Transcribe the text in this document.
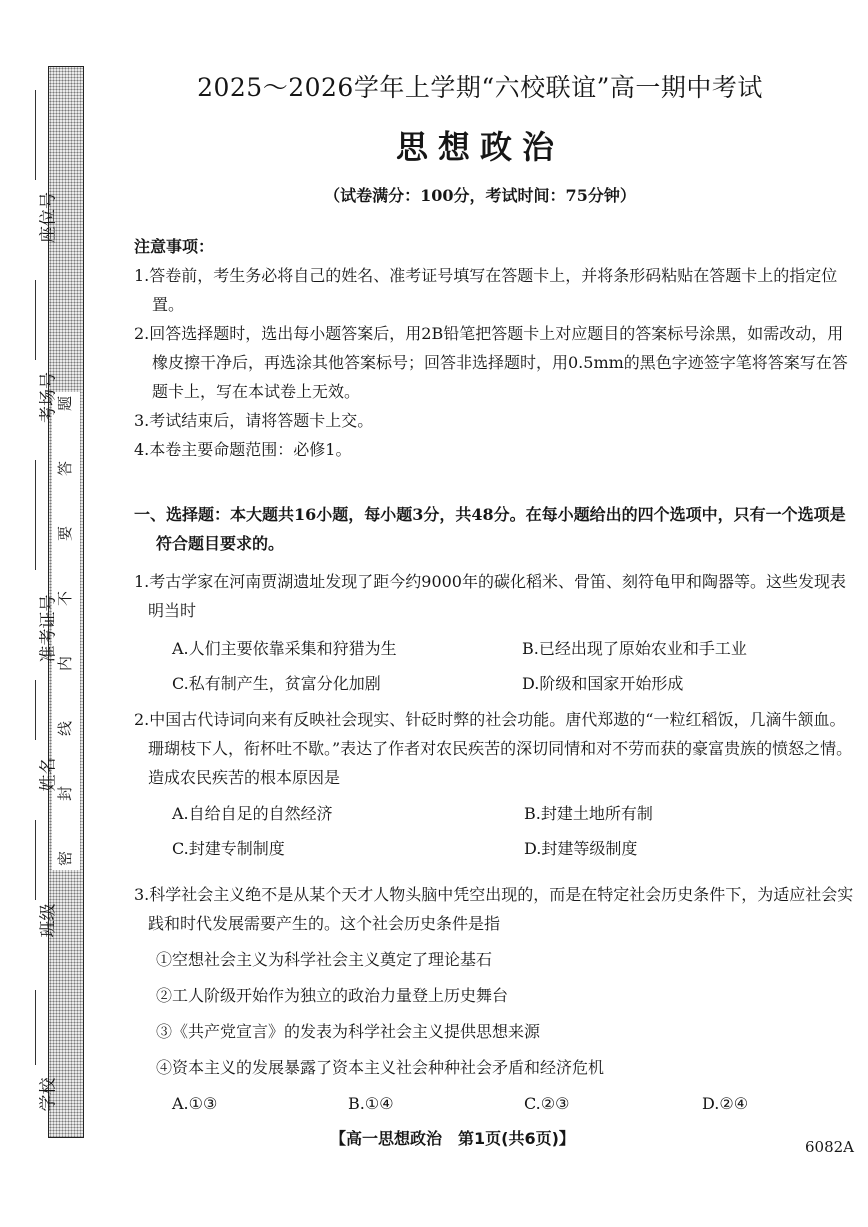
题
答
要
不
内
线
封
密
座位号
考场号
准考证号
姓名
班级
学校
2025～2026学年上学期“六校联谊”高一期中考试
思想政治
（试卷满分：100分，考试时间：75分钟）

注意事项：

1.答卷前，考生务必将自己的姓名、准考证号填写在答题卡上，并将条形码粘贴在答题卡上的指定位置。

2.回答选择题时，选出每小题答案后，用2B铅笔把答题卡上对应题目的答案标号涂黑，如需改动，用橡皮擦干净后，再选涂其他答案标号；回答非选择题时，用0.5mm的黑色字迹签字笔将答案写在答题卡上，写在本试卷上无效。

3.考试结束后，请将答题卡上交。

4.本卷主要命题范围：必修1。

一、选择题：本大题共16小题，每小题3分，共48分。在每小题给出的四个选项中，只有一个选项是符合题目要求的。

1.考古学家在河南贾湖遗址发现了距今约9000年的碳化稻米、骨笛、刻符龟甲和陶器等。这些发现表明当时

A.人们主要依靠采集和狩猎为生	B.已经出现了原始农业和手工业
C.私有制产生，贫富分化加剧	D.阶级和国家开始形成

2.中国古代诗词向来有反映社会现实、针砭时弊的社会功能。唐代郑遨的“一粒红稻饭，几滴牛颔血。珊瑚枝下人，衔杯吐不歇。”表达了作者对农民疾苦的深切同情和对不劳而获的豪富贵族的愤怒之情。造成农民疾苦的根本原因是

A.自给自足的自然经济	B.封建土地所有制
C.封建专制制度	D.封建等级制度

3.科学社会主义绝不是从某个天才人物头脑中凭空出现的，而是在特定社会历史条件下，为适应社会实践和时代发展需要产生的。这个社会历史条件是指

①空想社会主义为科学社会主义奠定了理论基石

②工人阶级开始作为独立的政治力量登上历史舞台

③《共产党宣言》的发表为科学社会主义提供思想来源

④资本主义的发展暴露了资本主义社会种种社会矛盾和经济危机

A.①③	B.①④	C.②③	D.②④
【高一思想政治　第1页(共6页)】	6082A
